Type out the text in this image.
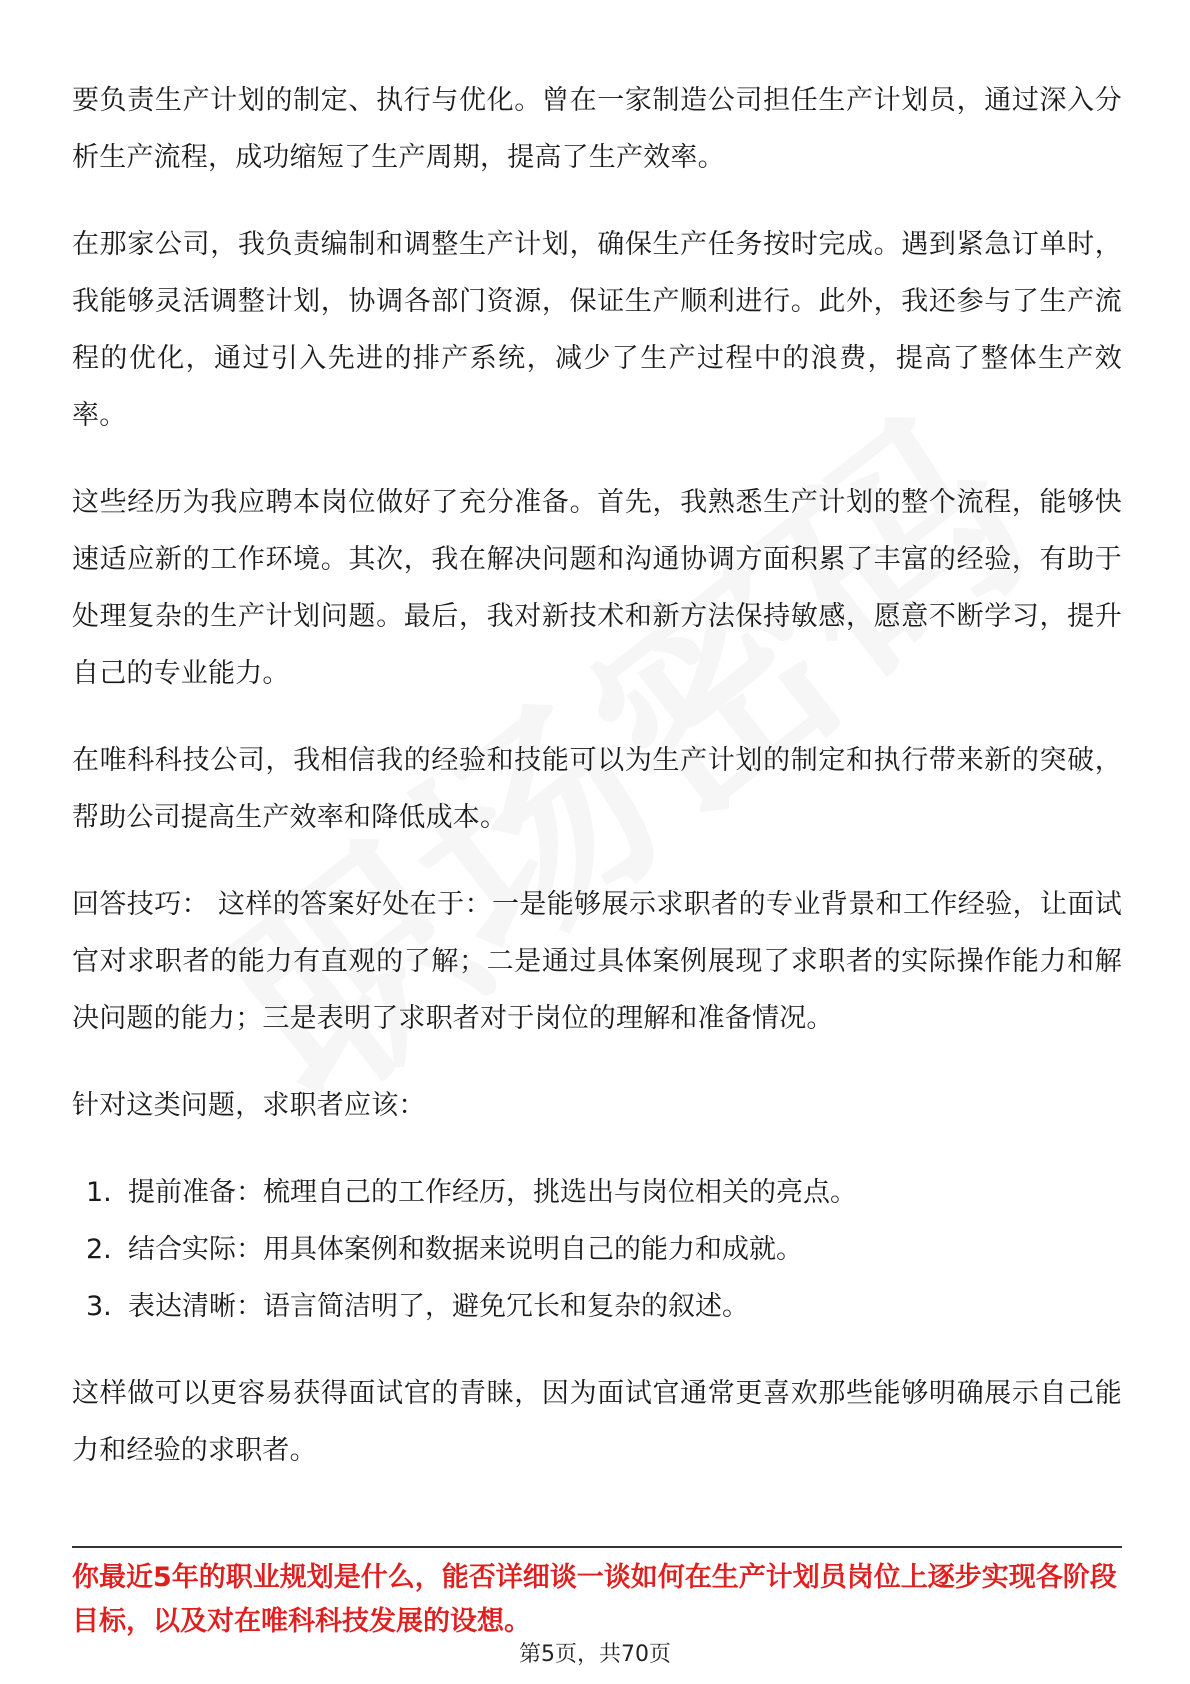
要负责生产计划的制定、执行与优化。曾在一家制造公司担任生产计划员，通过深入分析生产流程，成功缩短了生产周期，提高了生产效率。

在那家公司，我负责编制和调整生产计划，确保生产任务按时完成。遇到紧急订单时，我能够灵活调整计划，协调各部门资源，保证生产顺利进行。此外，我还参与了生产流程的优化，通过引入先进的排产系统，减少了生产过程中的浪费，提高了整体生产效率。

这些经历为我应聘本岗位做好了充分准备。首先，我熟悉生产计划的整个流程，能够快速适应新的工作环境。其次，我在解决问题和沟通协调方面积累了丰富的经验，有助于处理复杂的生产计划问题。最后，我对新技术和新方法保持敏感，愿意不断学习，提升自己的专业能力。

在唯科科技公司，我相信我的经验和技能可以为生产计划的制定和执行带来新的突破，帮助公司提高生产效率和降低成本。

回答技巧： 这样的答案好处在于：一是能够展示求职者的专业背景和工作经验，让面试官对求职者的能力有直观的了解；二是通过具体案例展现了求职者的实际操作能力和解决问题的能力；三是表明了求职者对于岗位的理解和准备情况。

针对这类问题，求职者应该：

1. 提前准备：梳理自己的工作经历，挑选出与岗位相关的亮点。
2. 结合实际：用具体案例和数据来说明自己的能力和成就。
3. 表达清晰：语言简洁明了，避免冗长和复杂的叙述。

这样做可以更容易获得面试官的青睐，因为面试官通常更喜欢那些能够明确展示自己能力和经验的求职者。

你最近5年的职业规划是什么，能否详细谈一谈如何在生产计划员岗位上逐步实现各阶段目标，以及对在唯科科技发展的设想。
第5页，共70页
